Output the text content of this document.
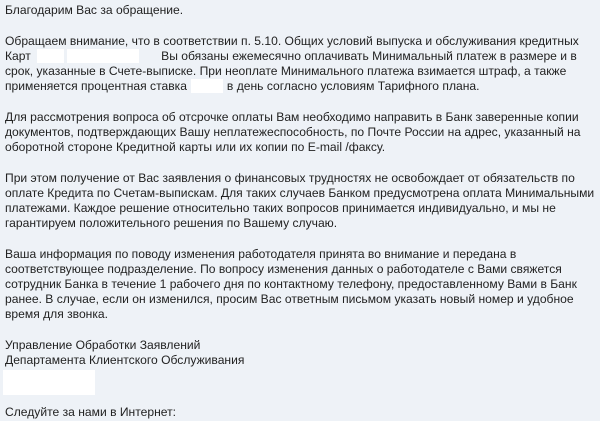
Благодарим Вас за обращение.

Обращаем внимание, что в соответствии п. 5.10. Общих условий выпуска и обслуживания кредитных Карт	Вы обязаны ежемесячно оплачивать Минимальный платеж в размере и в срок, указанные в Счете-выписке. При неоплате Минимального платежа взимается штраф, а также применяется процентная ставка	в день согласно условиям Тарифного плана.

Для рассмотрения вопроса об отсрочке оплаты Вам необходимо направить в Банк заверенные копии документов, подтверждающих Вашу неплатежеспособность, по Почте России на адрес, указанный на оборотной стороне Кредитной карты или их копии по E-mail /факсу.

При этом получение от Вас заявления о финансовых трудностях не освобождает от обязательств по оплате Кредита по Счетам-выпискам. Для таких случаев Банком предусмотрена оплата Минимальными платежами. Каждое решение относительно таких вопросов принимается индивидуально, и мы не гарантируем положительного решения по Вашему случаю.

Ваша информация по поводу изменения работодателя принята во внимание и передана в соответствующее подразделение. По вопросу изменения данных о работодателе с Вами свяжется сотрудник Банка в течение 1 рабочего дня по контактному телефону, предоставленному Вами в Банк ранее. В случае, если он изменился, просим Вас ответным письмом указать новый номер и удобное время для звонка.

Управление Обработки Заявлений
Департамента Клиентского Обслуживания

Следуйте за нами в Интернет:
